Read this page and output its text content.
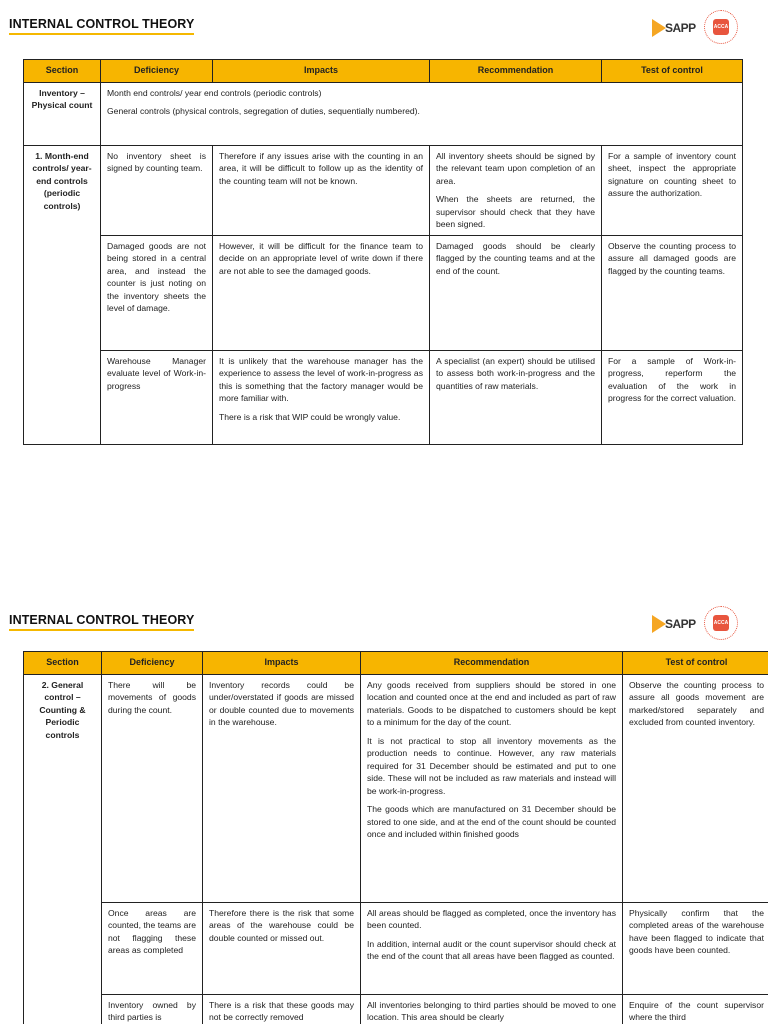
INTERNAL CONTROL THEORY	SAPP	ACCA
Section	Deficiency	Impacts	Recommendation	Test of control
Inventory – Physical count	Month end controls/ year end controls (periodic controls)

General controls (physical controls, segregation of duties, sequentially numbered).			

1. Month-end controls/ year-end controls (periodic controls)	No inventory sheet is signed by counting team.	Therefore if any issues arise with the counting in an area, it will be difficult to follow up as the identity of the counting team will not be known.	All inventory sheets should be signed by the relevant team upon completion of an area.

When the sheets are returned, the supervisor should check that they have been signed.	For a sample of inventory count sheet, inspect the appropriate signature on counting sheet to assure the authorization.

	Damaged goods are not being stored in a central area, and instead the counter is just noting on the inventory sheets the level of damage.	However, it will be difficult for the finance team to decide on an appropriate level of write down if there are not able to see the damaged goods.	Damaged goods should be clearly flagged by the counting teams and at the end of the count.	Observe the counting process to assure all damaged goods are flagged by the counting teams.

	Warehouse Manager evaluate level of Work-in-progress	It is unlikely that the warehouse manager has the experience to assess the level of work-in-progress as this is something that the factory manager would be more familiar with.

There is a risk that WIP could be wrongly value.	A specialist (an expert) should be utilised to assess both work-in-progress and the quantities of raw materials.	For a sample of Work-in-progress, reperform the evaluation of the work in progress for the correct valuation.

INTERNAL CONTROL THEORY	SAPP	ACCA
Section	Deficiency	Impacts	Recommendation	Test of control
2. General control – Counting & Periodic controls	There will be movements of goods during the count.	Inventory records could be under/overstated if goods are missed or double counted due to movements in the warehouse.	Any goods received from suppliers should be stored in one location and counted once at the end and included as part of raw materials. Goods to be dispatched to customers should be kept to a minimum for the day of the count.

It is not practical to stop all inventory movements as the production needs to continue. However, any raw materials required for 31 December should be estimated and put to one side. These will not be included as raw materials and instead will be work-in-progress.

The goods which are manufactured on 31 December should be stored to one side, and at the end of the count should be counted once and included within finished goods	Observe the counting process to assure all goods movement are marked/stored separately and excluded from counted inventory.

	Once areas are counted, the teams are not flagging these areas as completed	Therefore there is the risk that some areas of the warehouse could be double counted or missed out.	All areas should be flagged as completed, once the inventory has been counted.

In addition, internal audit or the count supervisor should check at the end of the count that all areas have been flagged as counted.	Physically confirm that the completed areas of the warehouse have been flagged to indicate that goods have been counted.

	Inventory owned by third parties is	There is a risk that these goods may not be correctly removed	All inventories belonging to third parties should be moved to one location. This area should be clearly	Enquire of the count supervisor where the third
